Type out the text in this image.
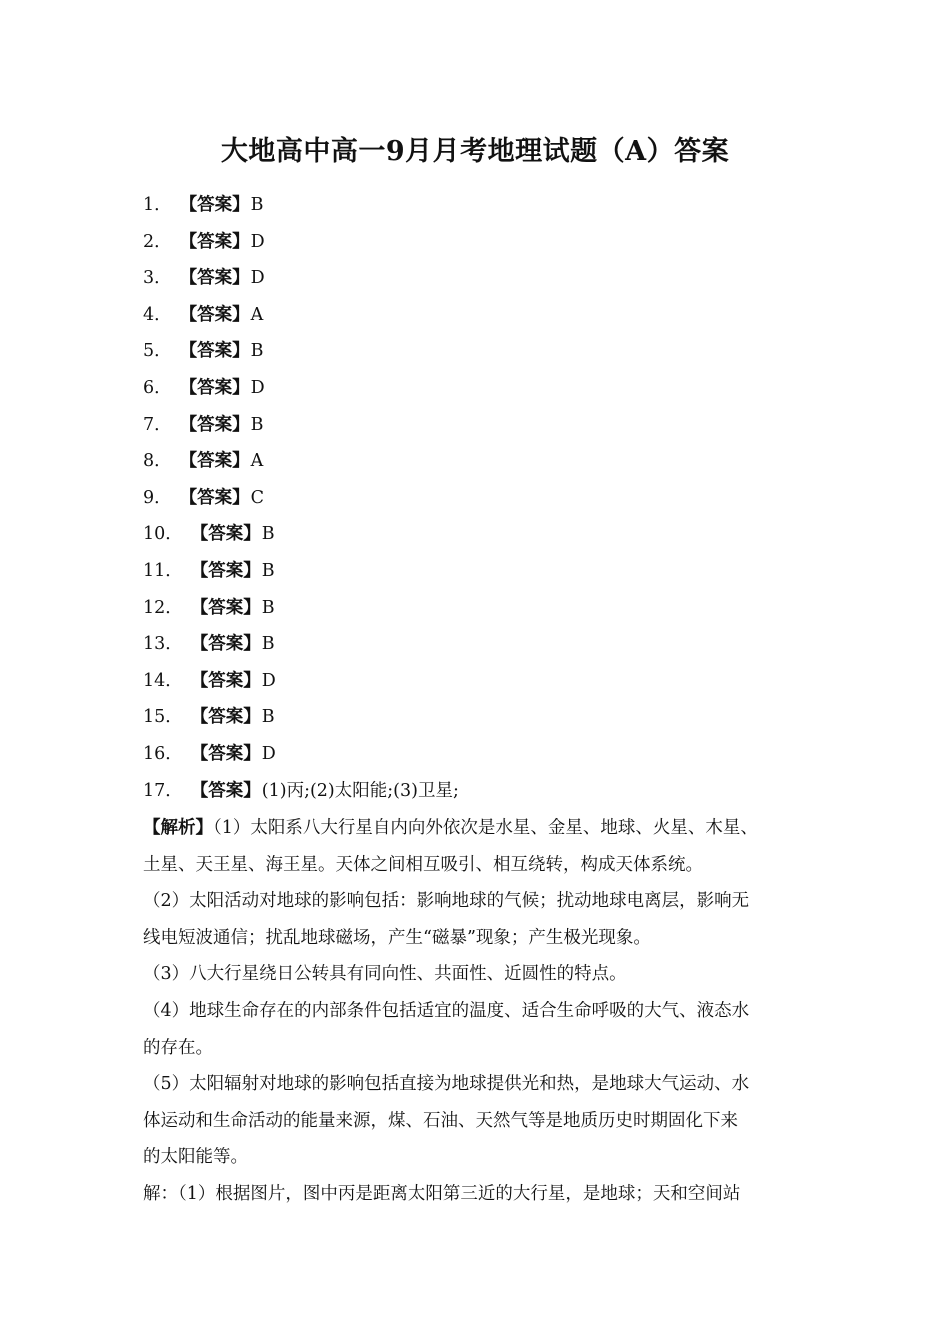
大地高中高一9月月考地理试题（A）答案
1． 【答案】B
2． 【答案】D
3． 【答案】D
4． 【答案】A
5． 【答案】B
6． 【答案】D
7． 【答案】B
8． 【答案】A
9． 【答案】C
10． 【答案】B
11． 【答案】B
12． 【答案】B
13． 【答案】B
14． 【答案】D
15． 【答案】B
16． 【答案】D
17． 【答案】(1)丙;(2)太阳能;(3)卫星;

【解析】（1）太阳系八大行星自内向外依次是水星、金星、地球、火星、木星、
土星、天王星、海王星。天体之间相互吸引、相互绕转，构成天体系统。

（2）太阳活动对地球的影响包括：影响地球的气候；扰动地球电离层，影响无
线电短波通信；扰乱地球磁场，产生“磁暴”现象；产生极光现象。

（3）八大行星绕日公转具有同向性、共面性、近圆性的特点。

（4）地球生命存在的内部条件包括适宜的温度、适合生命呼吸的大气、液态水
的存在。

（5）太阳辐射对地球的影响包括直接为地球提供光和热，是地球大气运动、水
体运动和生命活动的能量来源，煤、石油、天然气等是地质历史时期固化下来
的太阳能等。

解：（1）根据图片，图中丙是距离太阳第三近的大行星，是地球；天和空间站
